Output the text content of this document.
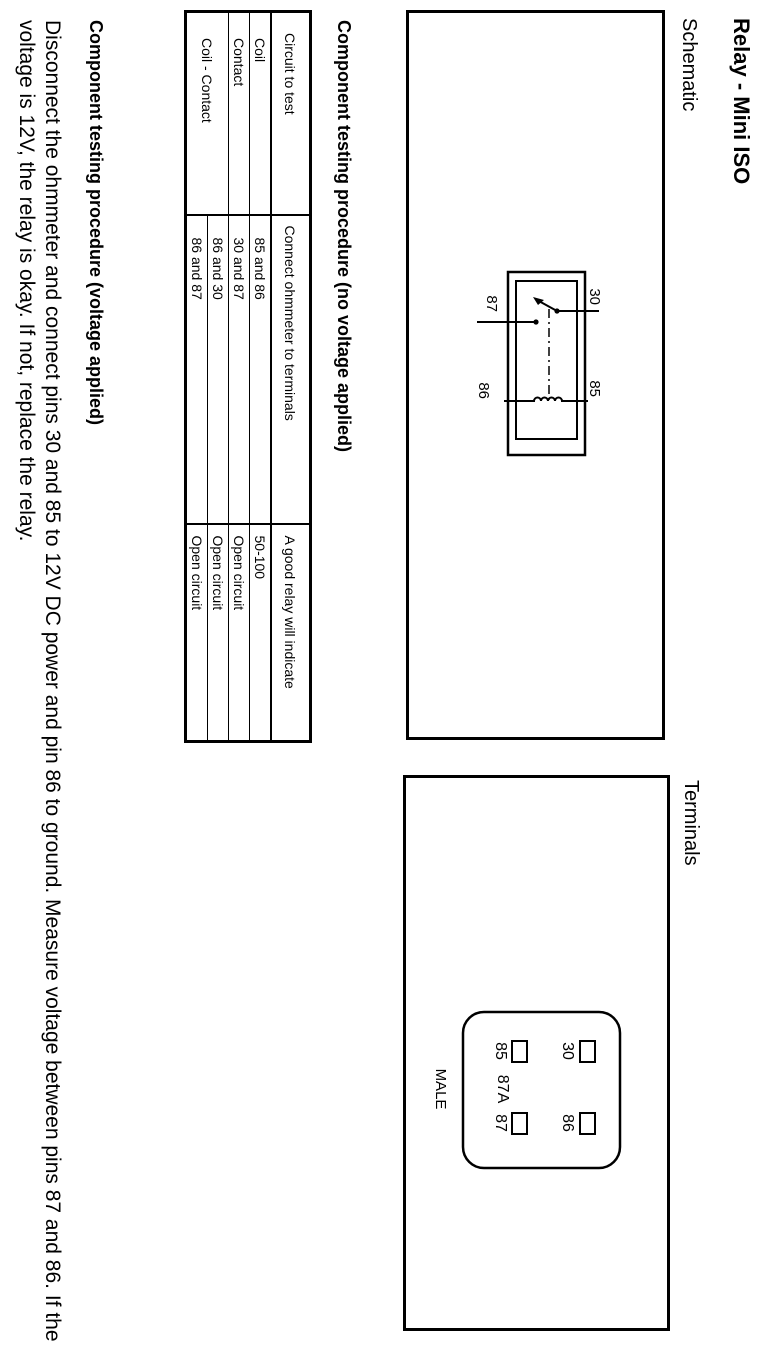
Relay - Mini ISO
Schematic
30
87
85
86
Terminals
30
86
85
87
87A
MALE
Component testing procedure (no voltage applied)
Circuit to test	Connect ohmmeter to terminals	A good relay will indicate
Coil	85 and 86	50-100
Contact	30 and 87	Open circuit
Coil - Contact	86 and 30	Open circuit
	86 and 87	Open circuit
Component testing procedure (voltage applied)
Disconnect the ohmmeter and connect pins 30 and 85 to 12V DC power and pin 86 to ground. Measure voltage between pins 87 and 86. If the voltage is 12V, the relay is okay. If not, replace the relay.
